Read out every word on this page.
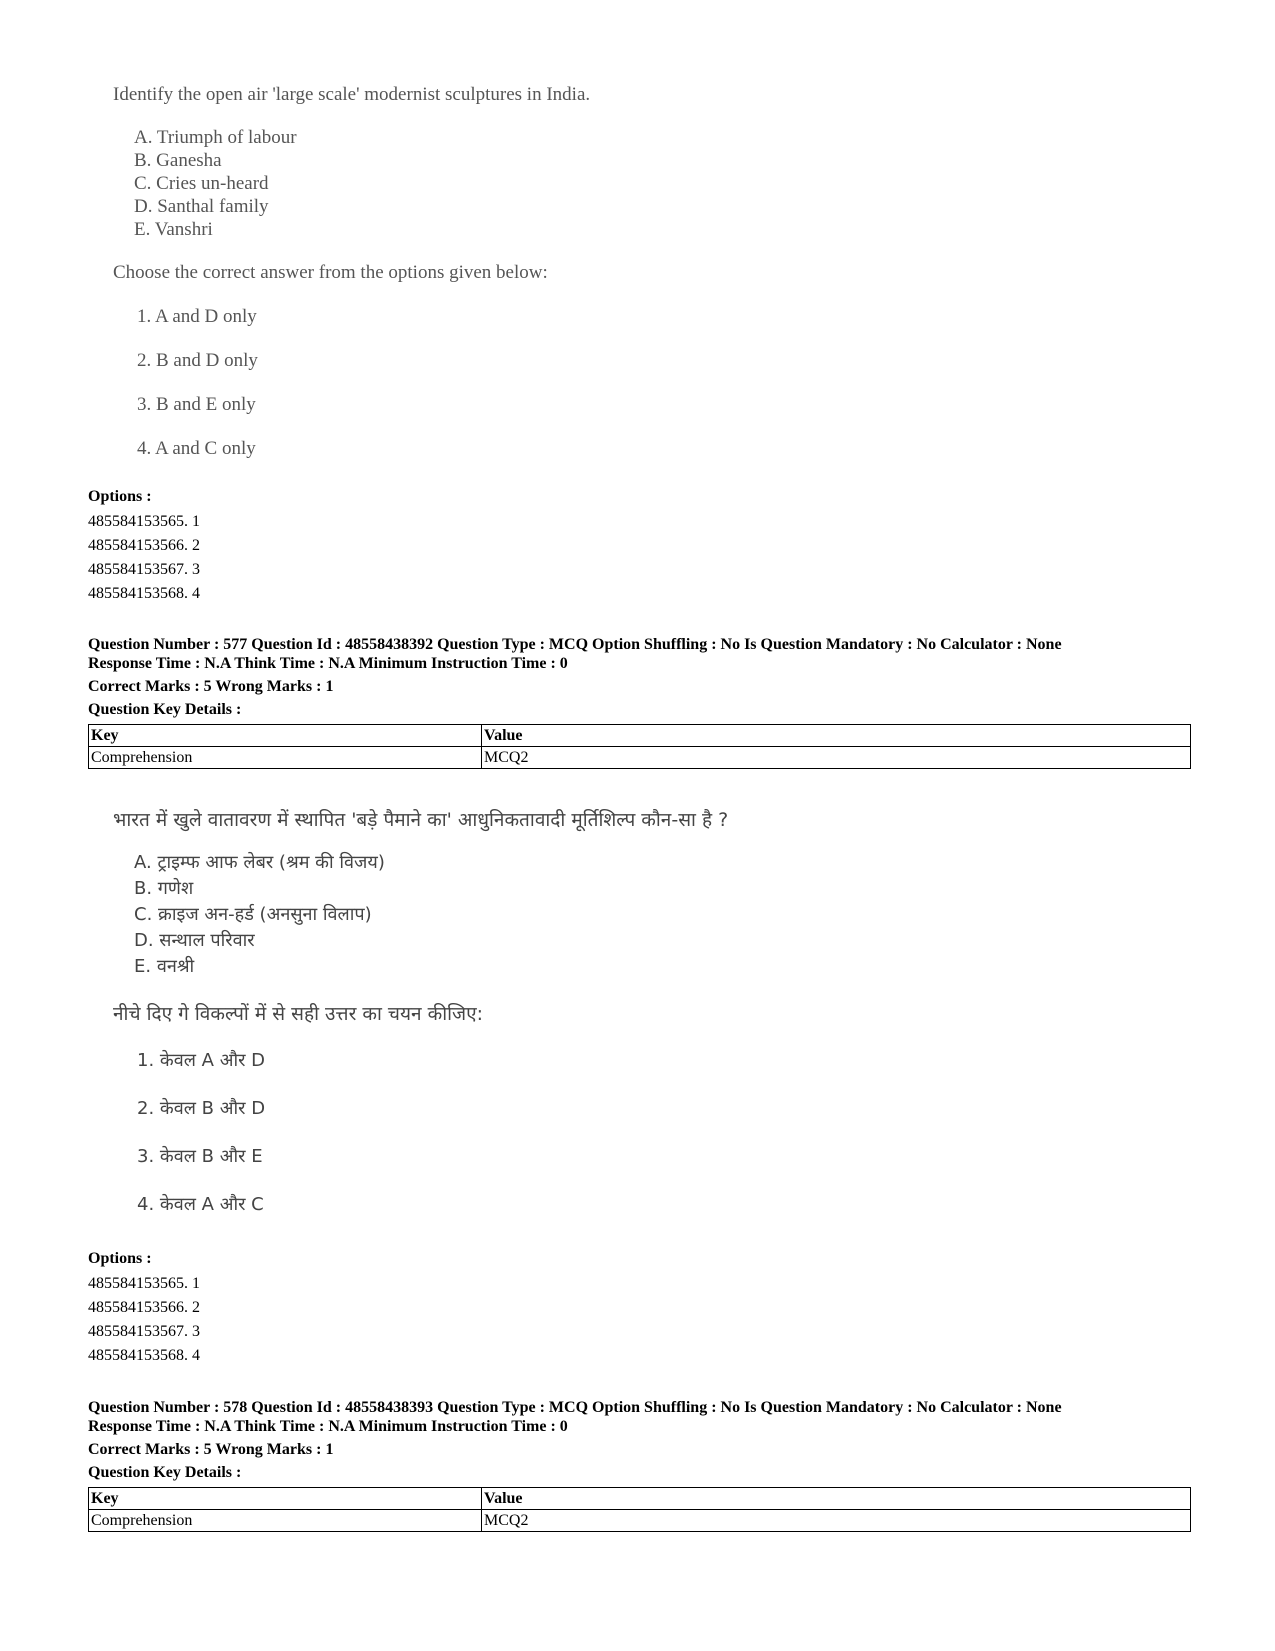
Identify the open air 'large scale' modernist sculptures in India.
A. Triumph of labour
B. Ganesha
C. Cries un-heard
D. Santhal family
E. Vanshri
Choose the correct answer from the options given below:
1. A and D only
2. B and D only
3. B and E only
4. A and C only
Options :
485584153565. 1
485584153566. 2
485584153567. 3
485584153568. 4
Question Number : 577 Question Id : 48558438392 Question Type : MCQ Option Shuffling : No Is Question Mandatory : No Calculator : None
Response Time : N.A Think Time : N.A Minimum Instruction Time : 0
Correct Marks : 5 Wrong Marks : 1
Question Key Details :
Key	Value
Comprehension	MCQ2
भारत में खुले वातावरण में स्थापित 'बड़े पैमाने का' आधुनिकतावादी मूर्तिशिल्प कौन-सा है ?
A. ट्राइम्फ आफ लेबर (श्रम की विजय)
B. गणेश
C. क्राइज अन-हर्ड (अनसुना विलाप)
D. सन्थाल परिवार
E. वनश्री
नीचे दिए गे विकल्पों में से सही उत्तर का चयन कीजिए:
1. केवल A और D
2. केवल B और D
3. केवल B और E
4. केवल A और C
Options :
485584153565. 1
485584153566. 2
485584153567. 3
485584153568. 4
Question Number : 578 Question Id : 48558438393 Question Type : MCQ Option Shuffling : No Is Question Mandatory : No Calculator : None
Response Time : N.A Think Time : N.A Minimum Instruction Time : 0
Correct Marks : 5 Wrong Marks : 1
Question Key Details :
Key	Value
Comprehension	MCQ2
